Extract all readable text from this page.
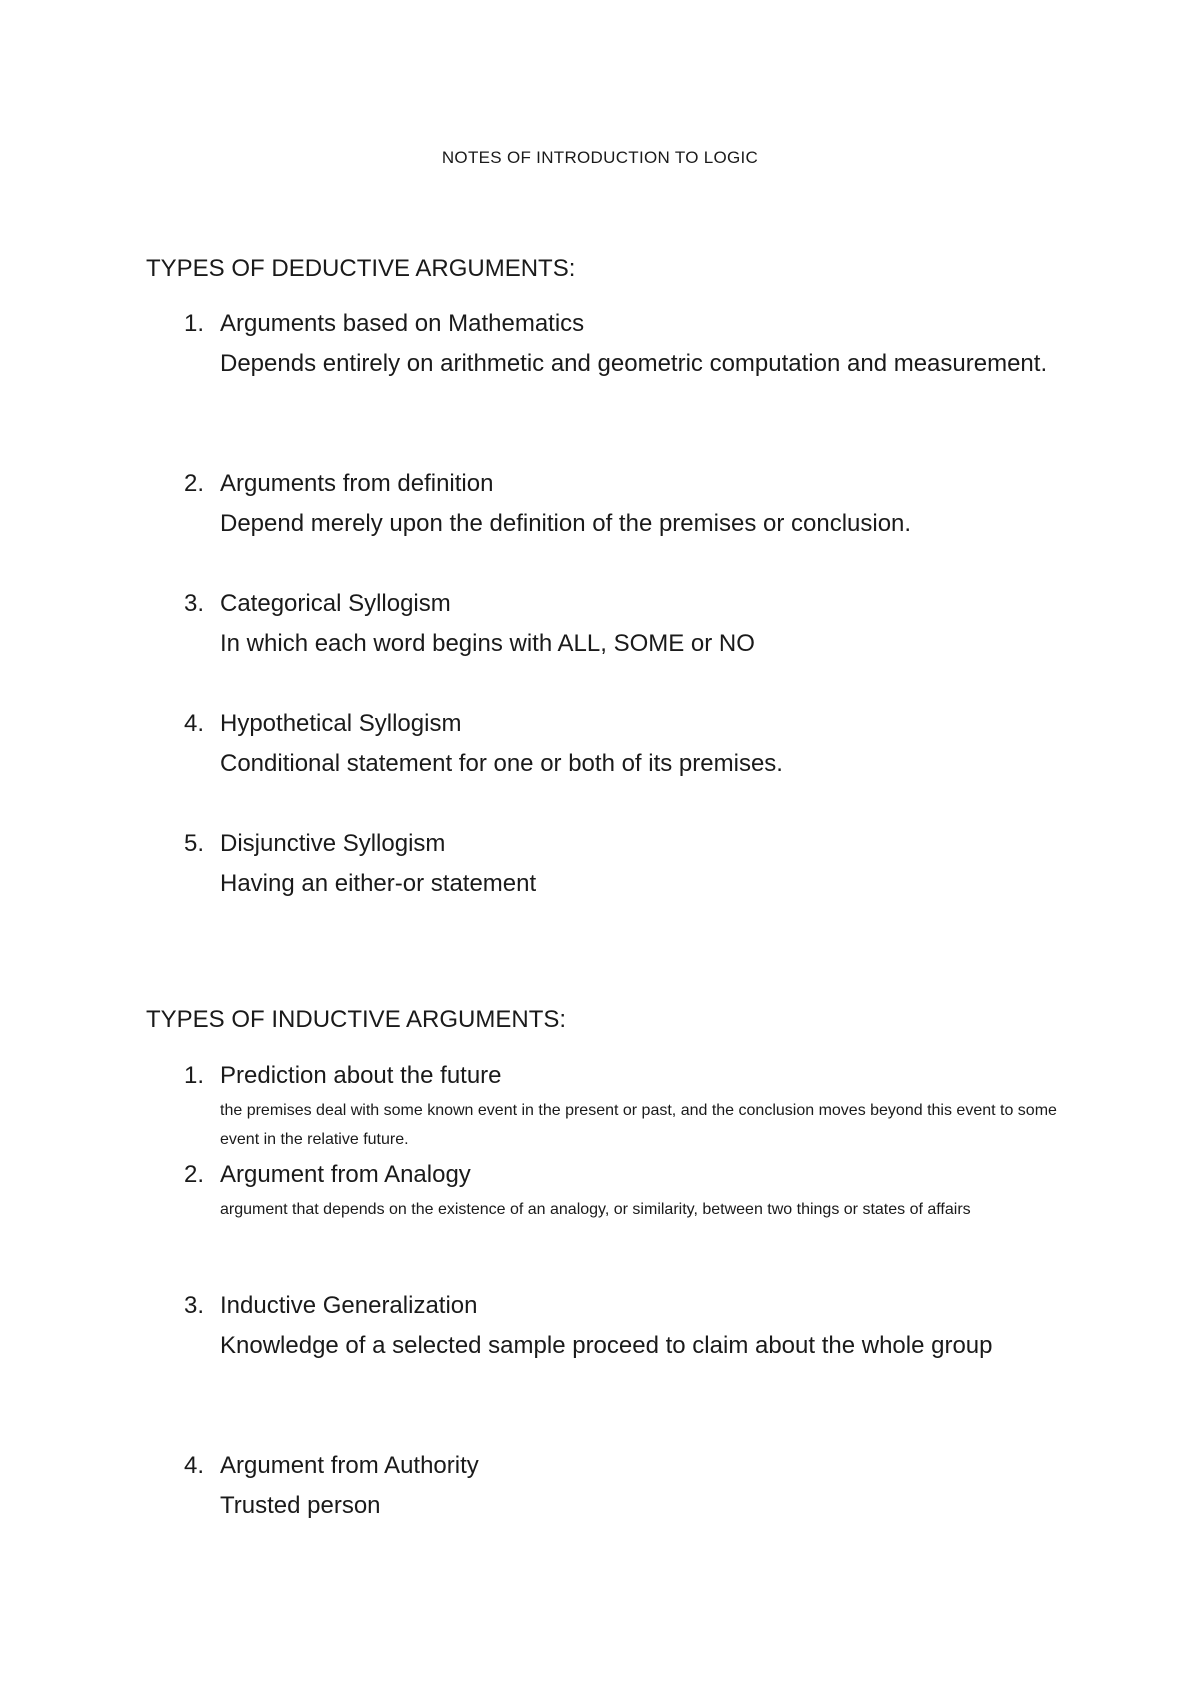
NOTES OF INTRODUCTION TO LOGIC
TYPES OF DEDUCTIVE ARGUMENTS:
1. Arguments based on Mathematics
Depends entirely on arithmetic and geometric computation and measurement.
2. Arguments from definition
Depend merely upon the definition of the premises or conclusion.
3. Categorical Syllogism
In which each word begins with ALL, SOME or NO
4. Hypothetical Syllogism
Conditional statement for one or both of its premises.
5. Disjunctive Syllogism
Having an either-or statement
TYPES OF INDUCTIVE ARGUMENTS:
1. Prediction about the future
the premises deal with some known event in the present or past, and the conclusion moves beyond this event to some event in the relative future.
2. Argument from Analogy
argument that depends on the existence of an analogy, or similarity, between two things or states of affairs
3. Inductive Generalization
Knowledge of a selected sample proceed to claim about the whole group
4. Argument from Authority
Trusted person
